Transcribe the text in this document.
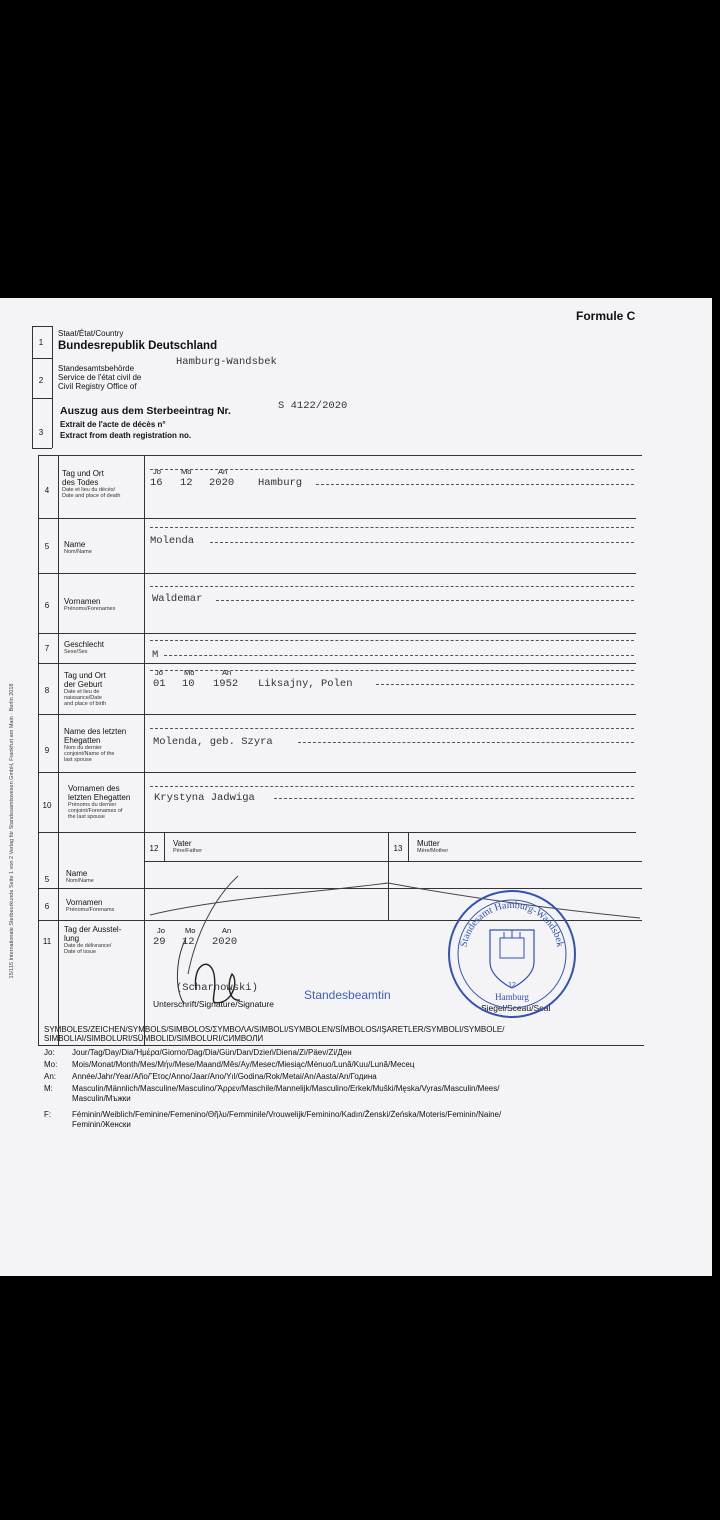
Formule C
15/115 Internationale Sterbeurkunde Seite 1 von 2 Verlag für Standesamtswesen GmbH, Frankfurt am Main · Berlin 2018
1
Staat/État/Country
Bundesrepublik Deutschland
2
Standesamtsbehörde
Service de l'état civil de
Civil Registry Office of
Hamburg-Wandsbek
3
Auszug aus dem Sterbeeintrag Nr.
Extrait de l'acte de décès n°
Extract from death registration no.
S 4122/2020
4
Tag und Ort
des Todes
Date et lieu du décès/
Date and place of death
Jo	Mo	An
16 12 2020 Hamburg
5	Name
Nom/Name
Molenda
6	Vornamen
Prénoms/Forenames
Waldemar
7	Geschlecht
Sexe/Sex	M
8
Tag und Ort
der Geburt
Date et lieu de
naissance/Date
and place of birth
Jo	Mo	An
01 10 1952 Liksajny, Polen
9
Name des letzten
Ehegatten
Nom du dernier
conjoint/Name of the
last spouse
Molenda, geb. Szyra
10
Vornamen des
letzten Ehegatten
Prénoms du dernier
conjoint/Forenames of
the last spouse
Krystyna Jadwiga
12
Vater
Père/Father	13
Mutter
Mère/Mother
5
Name
Nom/Name
6	Vornamen
Prénoms/Forenams
11
Tag der Ausstel-
lung
Date de délivrance/
Date of issue
Jo	Mo	An
29 12 2020
(Scharnowski)
Unterschrift/Signature/Signature
Standesbeamtin
Siegel/Sceau/Seal
Standesamt Hamburg-Wandsbek
12
Hamburg
SYMBOLES/ZEICHEN/SYMBOLS/SIMBOLOS/ΣΥΜΒΟΛΑ/SIMBOLI/SYMBOLEN/SÍMBOLOS/IŞARETLER/SYMBOLI/SYMBOLE/
SIMBOLIAI/SIMBOLURI/SÜMBOLID/SIMBOLURI/СИМВОЛИ
Jo: Jour/Tag/Day/Dia/Ἡμέρα/Giorno/Dag/Dia/Gün/Dan/Dzień/Diena/Zi/Päev/Zi/Ден
Mo: Mois/Monat/Month/Mes/Μήν/Mese/Maand/Mês/Ay/Mesec/Miesiąc/Mėnuo/Lună/Kuu/Lună/Месец
An: Année/Jahr/Year/Año/Ἔτος/Anno/Jaar/Ano/Yıl/Godina/Rok/Metai/An/Aasta/An/Година
M: Masculin/Männlich/Masculine/Masculino/Ἄρρεν/Maschile/Mannelijk/Masculino/Erkek/Muški/Męska/Vyras/Masculin/Mees/
Masculin/Мъжки
F:	Féminin/Weiblich/Feminine/Femenino/Θῆλυ/Femminile/Vrouwelijk/Feminino/Kadın/Ženski/Żeńska/Moteris/Feminin/Naine/
Feminin/Женски
